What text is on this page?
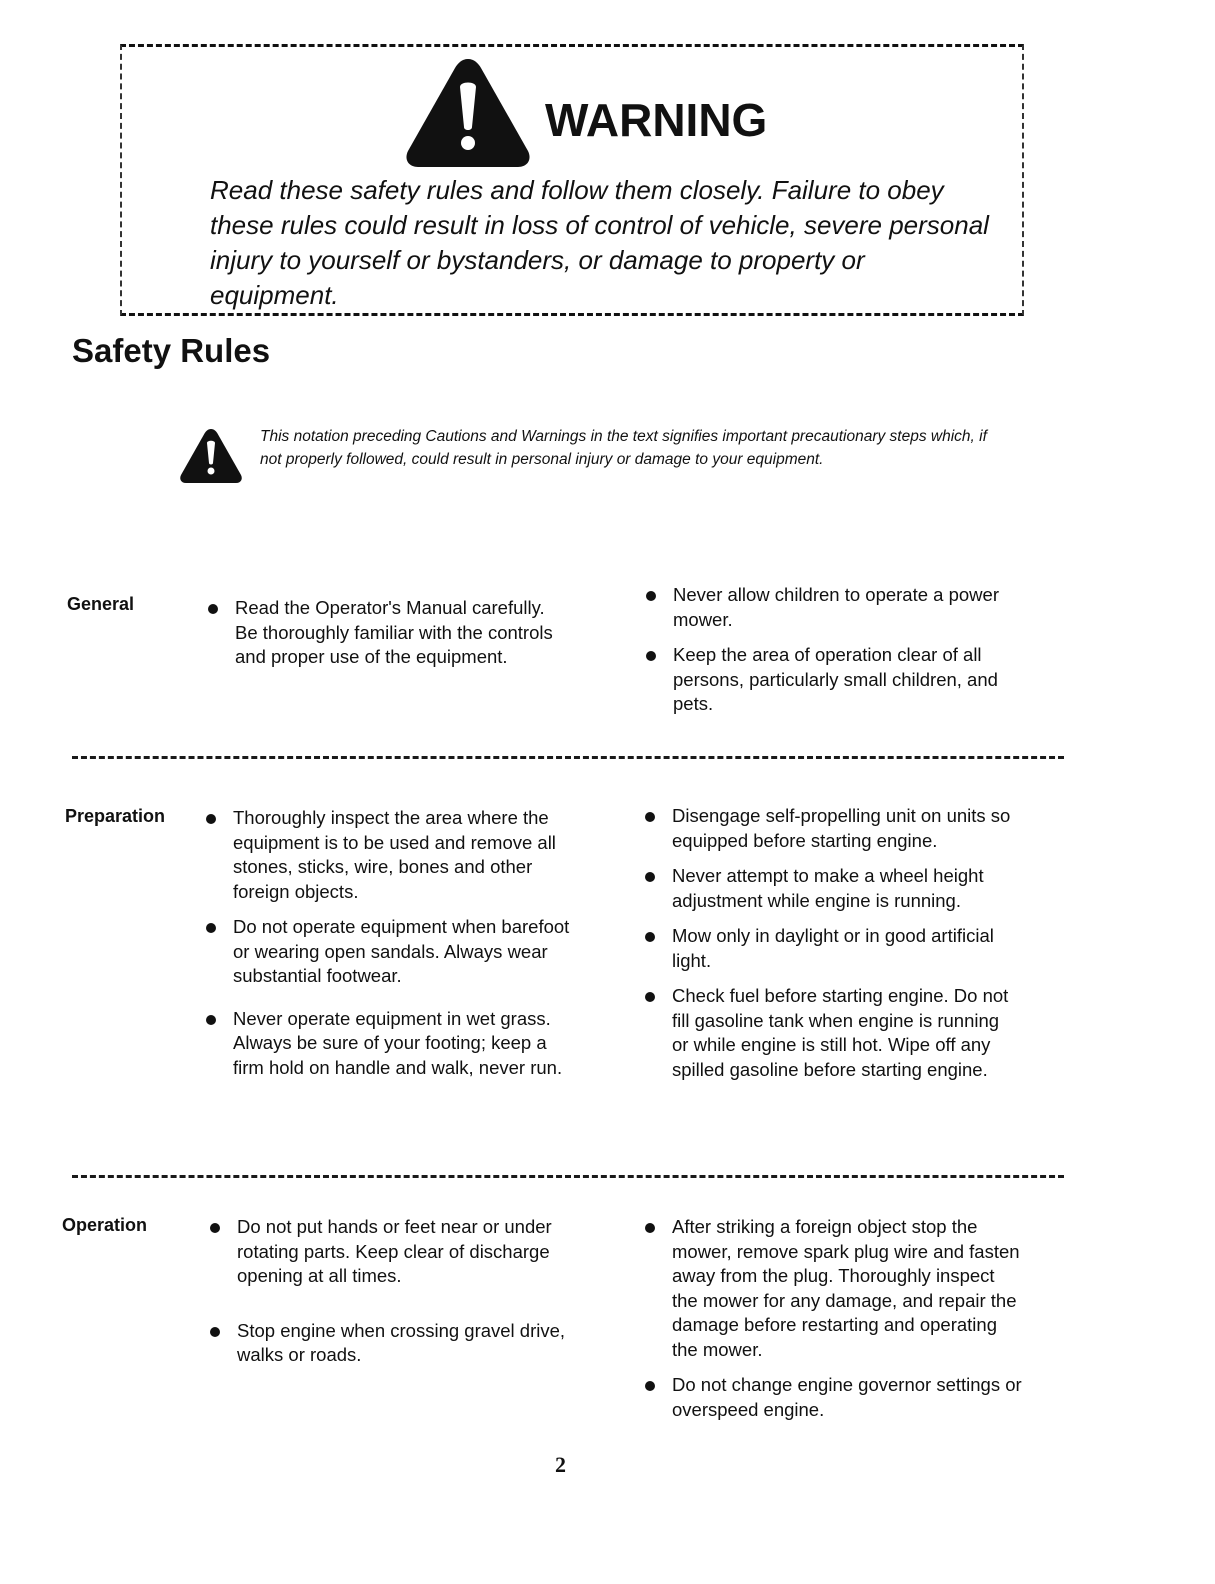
WARNING
Read these safety rules and follow them closely. Failure to obey these rules could result in loss of control of vehicle, severe personal injury to yourself or bystanders, or damage to property or equipment.
Safety Rules
This notation preceding Cautions and Warnings in the text signifies important precautionary steps which, if not properly followed, could result in personal injury or damage to your equipment.
General	Read the Operator's Manual carefully. Be thoroughly familiar with the controls and proper use of the equipment.
Never allow children to operate a power mower.
Keep the area of operation clear of all persons, particularly small children, and pets.
Preparation	Thoroughly inspect the area where the equipment is to be used and remove all stones, sticks, wire, bones and other foreign objects.
Do not operate equipment when barefoot or wearing open sandals. Always wear substantial footwear.
Never operate equipment in wet grass. Always be sure of your footing; keep a firm hold on handle and walk, never run.
Disengage self-propelling unit on units so equipped before starting engine.
Never attempt to make a wheel height adjustment while engine is running.
Mow only in daylight or in good artificial light.
Check fuel before starting engine. Do not fill gasoline tank when engine is running or while engine is still hot. Wipe off any spilled gasoline before starting engine.
Operation	Do not put hands or feet near or under rotating parts. Keep clear of discharge opening at all times.
Stop engine when crossing gravel drive, walks or roads.
After striking a foreign object stop the mower, remove spark plug wire and fasten away from the plug. Thoroughly inspect the mower for any damage, and repair the damage before restarting and operating the mower.
Do not change engine governor settings or overspeed engine.
2
